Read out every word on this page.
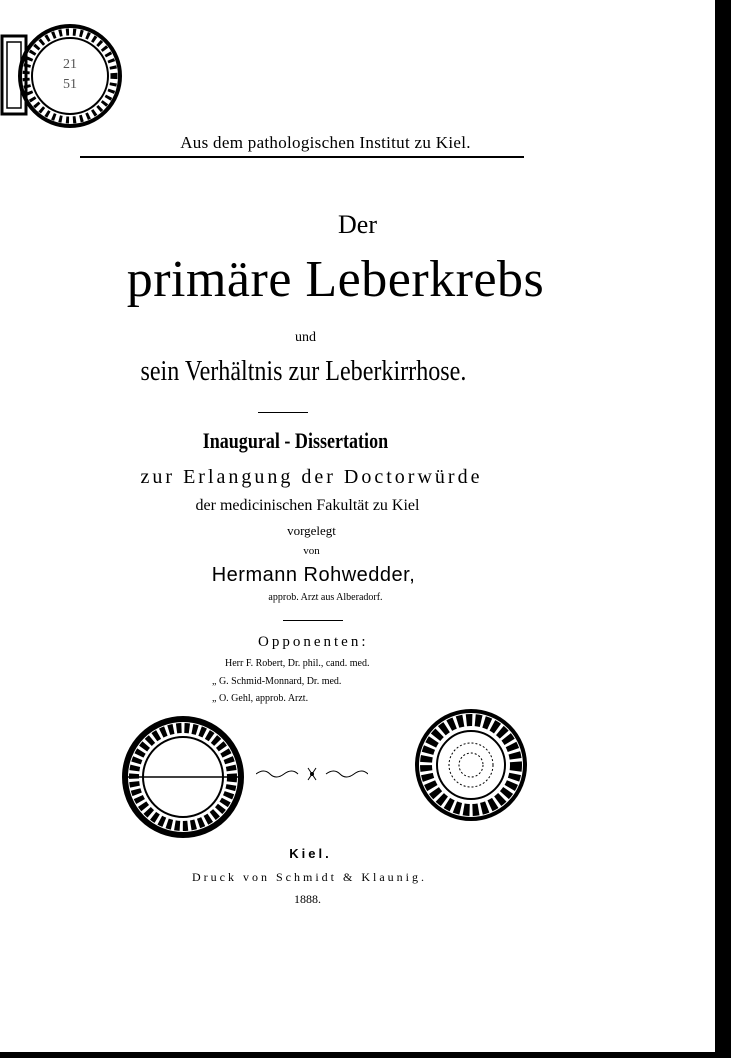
21
51
Aus dem pathologischen Institut zu Kiel.
Der
primäre Leberkrebs
und
sein Verhältnis zur Leberkirrhose.
Inaugural - Dissertation
zur Erlangung der Doctorwürde
der medicinischen Fakultät zu Kiel
vorgelegt
von
Hermann Rohwedder,
approb. Arzt aus Alberadorf.
Opponenten:
Herr F. Robert, Dr. phil., cand. med.
„ G. Schmid-Monnard, Dr. med.
„ O. Gehl, approb. Arzt.
Kiel.
Druck von Schmidt & Klaunig.
1888.
